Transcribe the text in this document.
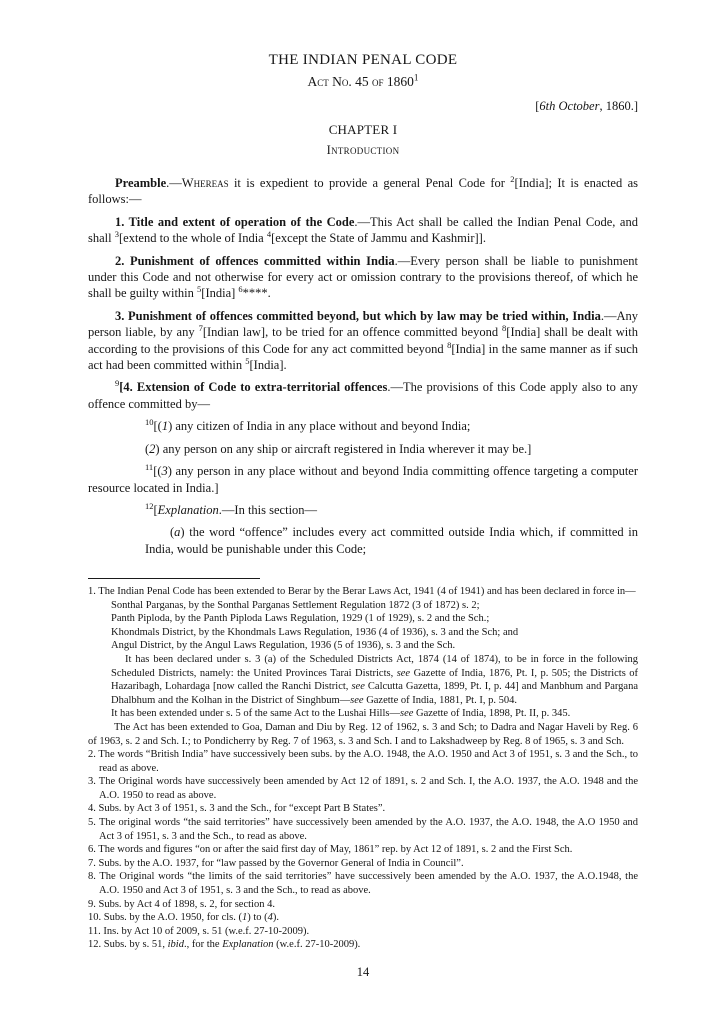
THE INDIAN PENAL CODE

Act No. 45 of 1860$^1$

[6th October, 1860.]

CHAPTER I

Introduction

Preamble.—Whereas it is expedient to provide a general Penal Code for $^2$[India]; It is enacted as follows:—

1. Title and extent of operation of the Code.—This Act shall be called the Indian Penal Code, and shall $^3$[extend to the whole of India $^4$[except the State of Jammu and Kashmir]].

2. Punishment of offences committed within India.—Every person shall be liable to punishment under this Code and not otherwise for every act or omission contrary to the provisions thereof, of which he shall be guilty within $^5$[India] $^6$****.

3. Punishment of offences committed beyond, but which by law may be tried within, India.—Any person liable, by any $^7$[Indian law], to be tried for an offence committed beyond $^8$[India] shall be dealt with according to the provisions of this Code for any act committed beyond $^8$[India] in the same manner as if such act had been committed within $^5$[India].

$^9$[4. Extension of Code to extra-territorial offences.—The provisions of this Code apply also to any offence committed by—

$^{10}$[(1) any citizen of India in any place without and beyond India;

(2) any person on any ship or aircraft registered in India wherever it may be.]

$^{11}$[(3) any person in any place without and beyond India committing offence targeting a computer resource located in India.]

$^{12}$[Explanation.—In this section—

(a) the word “offence” includes every act committed outside India which, if committed in India, would be punishable under this Code;

1. The Indian Penal Code has been extended to Berar by the Berar Laws Act, 1941 (4 of 1941) and has been declared in force in—

Sonthal Parganas, by the Sonthal Parganas Settlement Regulation 1872 (3 of 1872) s. 2;

Panth Piploda, by the Panth Piploda Laws Regulation, 1929 (1 of 1929), s. 2 and the Sch.;

Khondmals District, by the Khondmals Laws Regulation, 1936 (4 of 1936), s. 3 and the Sch; and

Angul District, by the Angul Laws Regulation, 1936 (5 of 1936), s. 3 and the Sch.

It has been declared under s. 3 (a) of the Scheduled Districts Act, 1874 (14 of 1874), to be in force in the following Scheduled Districts, namely: the United Provinces Tarai Districts, see Gazette of India, 1876, Pt. I, p. 505; the Districts of Hazaribagh, Lohardaga [now called the Ranchi District, see Calcutta Gazetta, 1899, Pt. I, p. 44] and Manbhum and Pargana Dhalbhum and the Kolhan in the District of Singhbum—see Gazette of India, 1881, Pt. I, p. 504.

It has been extended under s. 5 of the same Act to the Lushai Hills—see Gazette of India, 1898, Pt. II, p. 345.

The Act has been extended to Goa, Daman and Diu by Reg. 12 of 1962, s. 3 and Sch; to Dadra and Nagar Haveli by Reg. 6 of 1963, s. 2 and Sch. I.; to Pondicherry by Reg. 7 of 1963, s. 3 and Sch. I and to Lakshadweep by Reg. 8 of 1965, s. 3 and Sch.

2. The words “British India” have successively been subs. by the A.O. 1948, the A.O. 1950 and Act 3 of 1951, s. 3 and the Sch., to read as above.

3. The Original words have successively been amended by Act 12 of 1891, s. 2 and Sch. I, the A.O. 1937, the A.O. 1948 and the A.O. 1950 to read as above.

4. Subs. by Act 3 of 1951, s. 3 and the Sch., for “except Part B States”.

5. The original words “the said territories” have successively been amended by the A.O. 1937, the A.O. 1948, the A.O 1950 and Act 3 of 1951, s. 3 and the Sch., to read as above.

6. The words and figures “on or after the said first day of May, 1861” rep. by Act 12 of 1891, s. 2 and the First Sch.

7. Subs. by the A.O. 1937, for “law passed by the Governor General of India in Council”.

8. The Original words “the limits of the said territories” have successively been amended by the A.O. 1937, the A.O.1948, the A.O. 1950 and Act 3 of 1951, s. 3 and the Sch., to read as above.

9. Subs. by Act 4 of 1898, s. 2, for section 4.

10. Subs. by the A.O. 1950, for cls. (1) to (4).

11. Ins. by Act 10 of 2009, s. 51 (w.e.f. 27-10-2009).

12. Subs. by s. 51, ibid., for the Explanation (w.e.f. 27-10-2009).

14
